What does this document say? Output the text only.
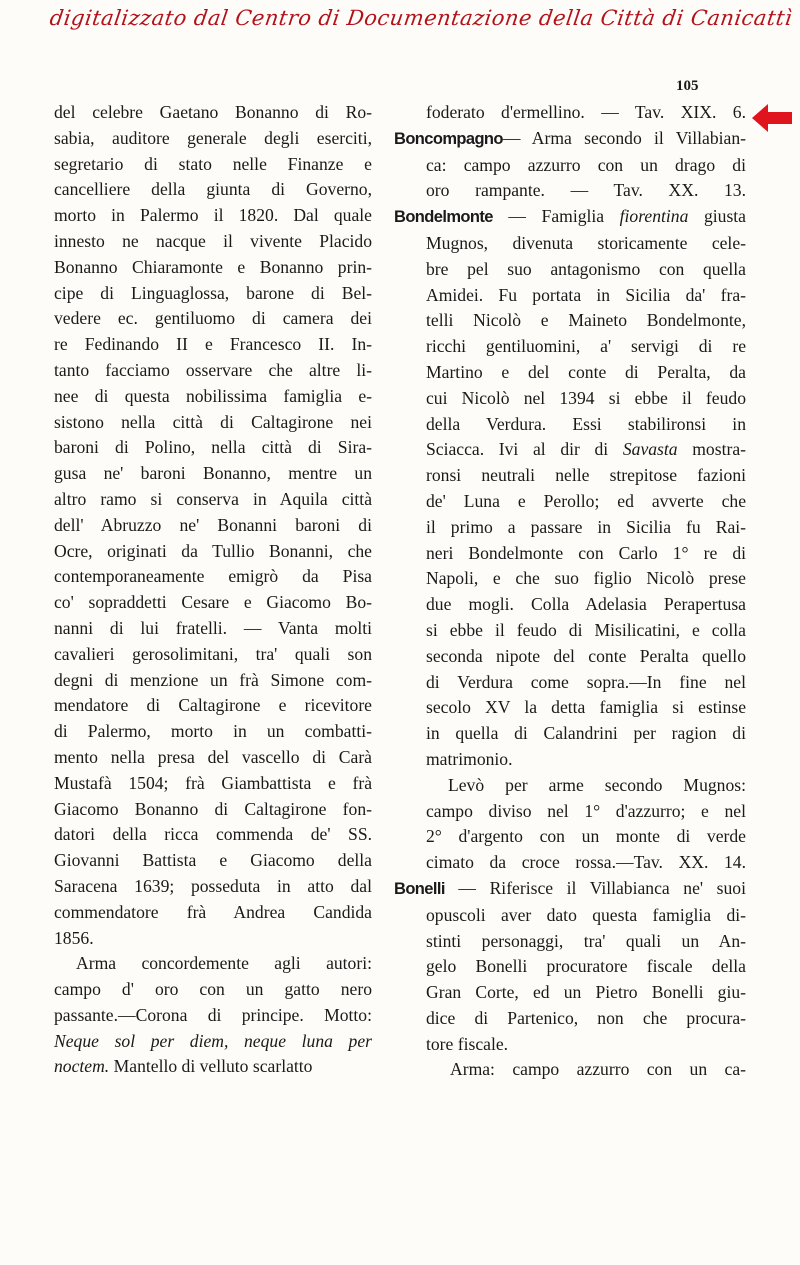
digitalizzato dal Centro di Documentazione della Città di Canicattì
105

del celebre Gaetano Bonanno di Ro-
sabia, auditore generale degli eserciti,
segretario di stato nelle Finanze e
cancelliere della giunta di Governo,
morto in Palermo il 1820. Dal quale
innesto ne nacque il vivente Placido
Bonanno Chiaramonte e Bonanno prin-
cipe di Linguaglossa, barone di Bel-
vedere ec. gentiluomo di camera dei
re Fedinando II e Francesco II. In-
tanto facciamo osservare che altre li-
nee di questa nobilissima famiglia e-
sistono nella città di Caltagirone nei
baroni di Polino, nella città di Sira-
gusa ne' baroni Bonanno, mentre un
altro ramo si conserva in Aquila città
dell' Abruzzo ne' Bonanni baroni di
Ocre, originati da Tullio Bonanni, che
contemporaneamente emigrò da Pisa
co' sopraddetti Cesare e Giacomo Bo-
nanni di lui fratelli. — Vanta molti
cavalieri gerosolimitani, tra' quali son
degni di menzione un frà Simone com-
mendatore di Caltagirone e ricevitore
di Palermo, morto in un combatti-
mento nella presa del vascello di Carà
Mustafà 1504; frà Giambattista e frà
Giacomo Bonanno di Caltagirone fon-
datori della ricca commenda de' SS.
Giovanni Battista e Giacomo della
Saracena 1639; posseduta in atto dal
commendatore frà Andrea Candida
1856.

Arma concordemente agli autori:
campo d' oro con un gatto nero
passante.—Corona di principe. Motto:

Neque sol per diem, neque luna per
noctem. Mantello di velluto scarlatto

foderato d'ermellino. — Tav. XIX. 6.

Boncompagno— Arma secondo il Villabian-
ca: campo azzurro con un drago di
oro rampante. — Tav. XX. 13.

Bondelmonte — Famiglia fiorentina giusta
Mugnos, divenuta storicamente cele-
bre pel suo antagonismo con quella
Amidei. Fu portata in Sicilia da' fra-
telli Nicolò e Maineto Bondelmonte,
ricchi gentiluomini, a' servigi di re
Martino e del conte di Peralta, da
cui Nicolò nel 1394 si ebbe il feudo
della Verdura. Essi stabilironsi in
Sciacca. Ivi al dir di Savasta mostra-
ronsi neutrali nelle strepitose fazioni
de' Luna e Perollo; ed avverte che
il primo a passare in Sicilia fu Rai-
neri Bondelmonte con Carlo 1° re di
Napoli, e che suo figlio Nicolò prese
due mogli. Colla Adelasia Perapertusa
si ebbe il feudo di Misilicatini, e colla
seconda nipote del conte Peralta quello
di Verdura come sopra.—In fine nel
secolo XV la detta famiglia si estinse
in quella di Calandrini per ragion di
matrimonio.

Levò per arme secondo Mugnos:
campo diviso nel 1° d'azzurro; e nel
2° d'argento con un monte di verde
cimato da croce rossa.—Tav. XX. 14.

Bonelli — Riferisce il Villabianca ne' suoi
opuscoli aver dato questa famiglia di-
stinti personaggi, tra' quali un An-
gelo Bonelli procuratore fiscale della
Gran Corte, ed un Pietro Bonelli giu-
dice di Partenico, non che procura-
tore fiscale.

Arma: campo azzurro con un ca-
